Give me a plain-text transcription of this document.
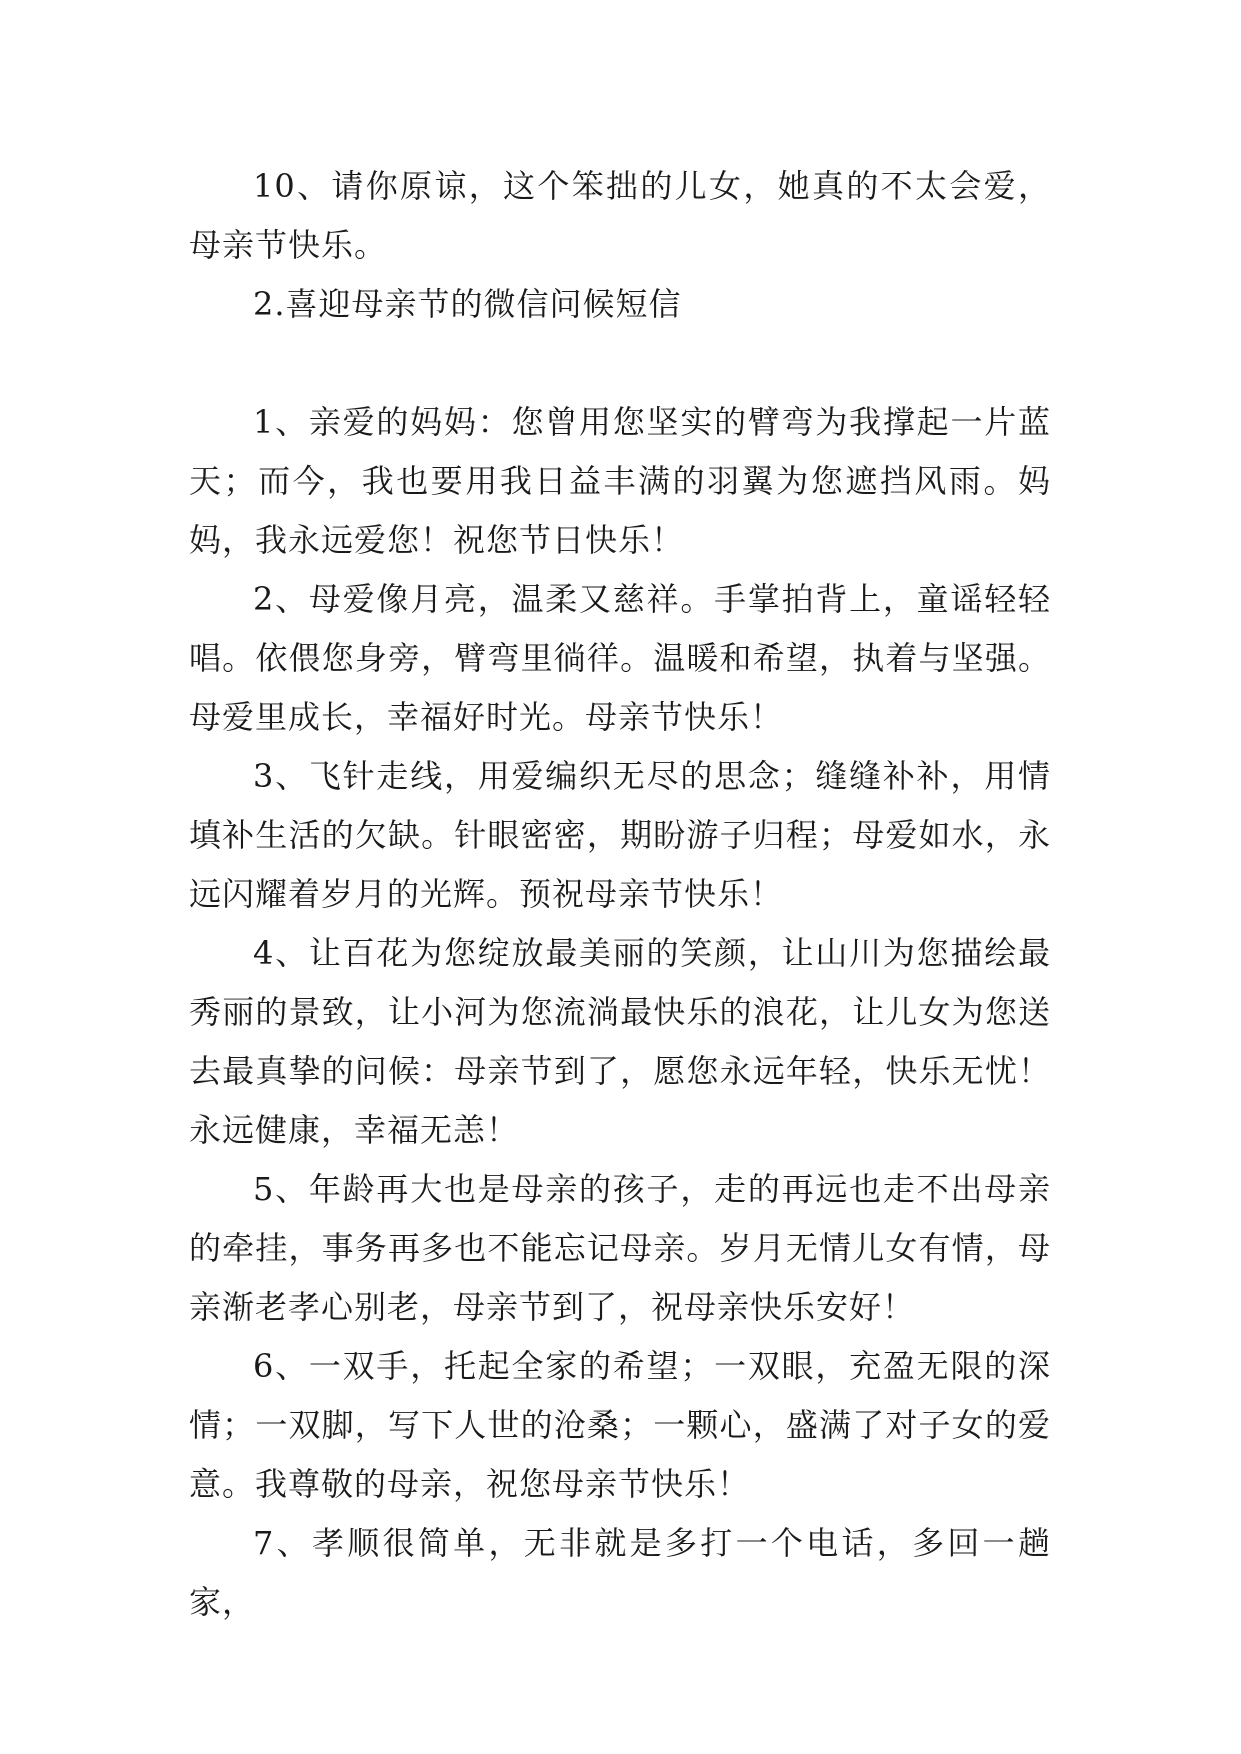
10、请你原谅，这个笨拙的儿女，她真的不太会爱，母亲节快乐。

2.喜迎母亲节的微信问候短信

1、亲爱的妈妈：您曾用您坚实的臂弯为我撑起一片蓝天；而今，我也要用我日益丰满的羽翼为您遮挡风雨。妈妈，我永远爱您！祝您节日快乐！

2、母爱像月亮，温柔又慈祥。手掌拍背上，童谣轻轻唱。依偎您身旁，臂弯里徜徉。温暖和希望，执着与坚强。母爱里成长，幸福好时光。母亲节快乐！

3、飞针走线，用爱编织无尽的思念；缝缝补补，用情填补生活的欠缺。针眼密密，期盼游子归程；母爱如水，永远闪耀着岁月的光辉。预祝母亲节快乐！

4、让百花为您绽放最美丽的笑颜，让山川为您描绘最秀丽的景致，让小河为您流淌最快乐的浪花，让儿女为您送去最真挚的问候：母亲节到了，愿您永远年轻，快乐无忧！永远健康，幸福无恙！

5、年龄再大也是母亲的孩子，走的再远也走不出母亲的牵挂，事务再多也不能忘记母亲。岁月无情儿女有情，母亲渐老孝心别老，母亲节到了，祝母亲快乐安好！

6、一双手，托起全家的希望；一双眼，充盈无限的深情；一双脚，写下人世的沧桑；一颗心，盛满了对子女的爱意。我尊敬的母亲，祝您母亲节快乐！

7、孝顺很简单，无非就是多打一个电话，多回一趟家，
